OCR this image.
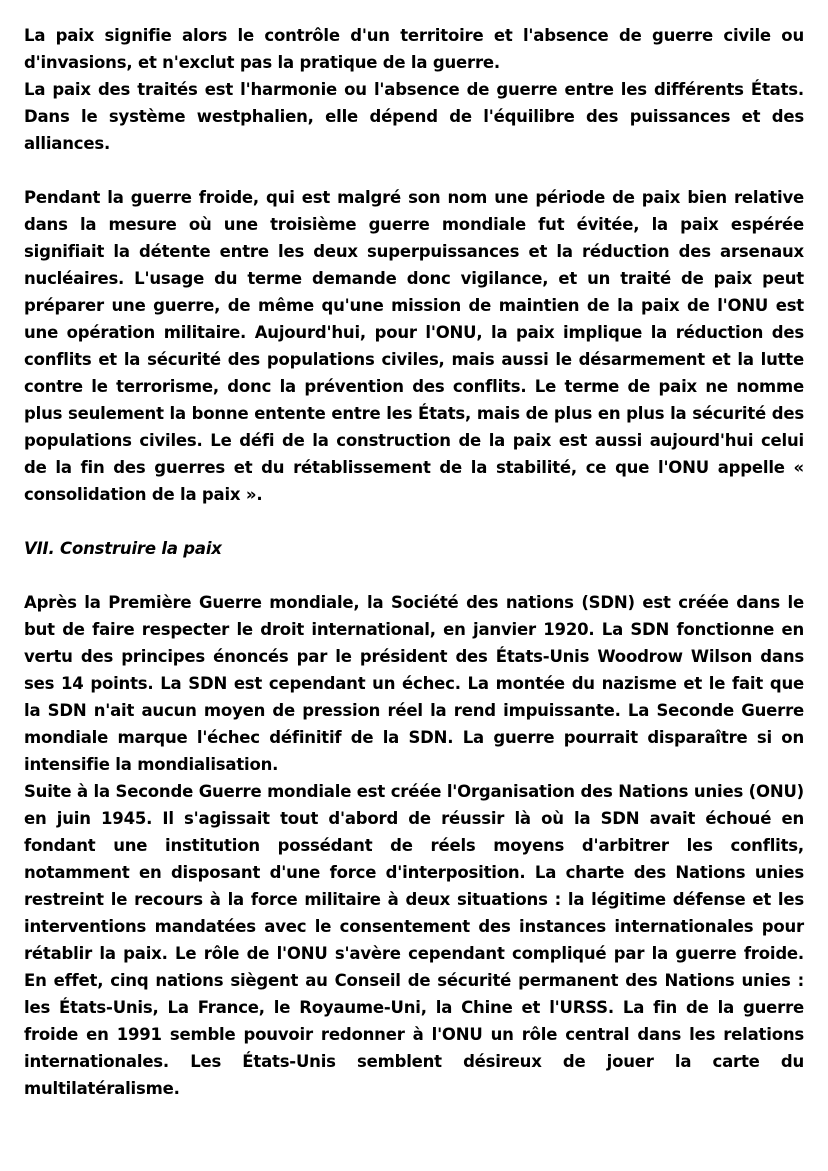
La paix signifie alors le contrôle d'un territoire et l'absence de guerre civile ou d'invasions, et n'exclut pas la pratique de la guerre.

La paix des traités est l'harmonie ou l'absence de guerre entre les différents États. Dans le système westphalien, elle dépend de l'équilibre des puissances et des alliances.

Pendant la guerre froide, qui est malgré son nom une période de paix bien relative dans la mesure où une troisième guerre mondiale fut évitée, la paix espérée signifiait la détente entre les deux superpuissances et la réduction des arsenaux nucléaires. L'usage du terme demande donc vigilance, et un traité de paix peut préparer une guerre, de même qu'une mission de maintien de la paix de l'ONU est une opération militaire. Aujourd'hui, pour l'ONU, la paix implique la réduction des conflits et la sécurité des populations civiles, mais aussi le désarmement et la lutte contre le terrorisme, donc la prévention des conflits. Le terme de paix ne nomme plus seulement la bonne entente entre les États, mais de plus en plus la sécurité des populations civiles. Le défi de la construction de la paix est aussi aujourd'hui celui de la fin des guerres et du rétablissement de la stabilité, ce que l'ONU appelle « consolidation de la paix ».

VII. Construire la paix

Après la Première Guerre mondiale, la Société des nations (SDN) est créée dans le but de faire respecter le droit international, en janvier 1920. La SDN fonctionne en vertu des principes énoncés par le président des États-Unis Woodrow Wilson dans ses 14 points. La SDN est cependant un échec. La montée du nazisme et le fait que la SDN n'ait aucun moyen de pression réel la rend impuissante. La Seconde Guerre mondiale marque l'échec définitif de la SDN. La guerre pourrait disparaître si on intensifie la mondialisation.

Suite à la Seconde Guerre mondiale est créée l'Organisation des Nations unies (ONU) en juin 1945. Il s'agissait tout d'abord de réussir là où la SDN avait échoué en fondant une institution possédant de réels moyens d'arbitrer les conflits, notamment en disposant d'une force d'interposition. La charte des Nations unies restreint le recours à la force militaire à deux situations : la légitime défense et les interventions mandatées avec le consentement des instances internationales pour rétablir la paix. Le rôle de l'ONU s'avère cependant compliqué par la guerre froide. En effet, cinq nations siègent au Conseil de sécurité permanent des Nations unies : les États-Unis, La France, le Royaume-Uni, la Chine et l'URSS. La fin de la guerre froide en 1991 semble pouvoir redonner à l'ONU un rôle central dans les relations internationales. Les États-Unis semblent désireux de jouer la carte du multilatéralisme.
